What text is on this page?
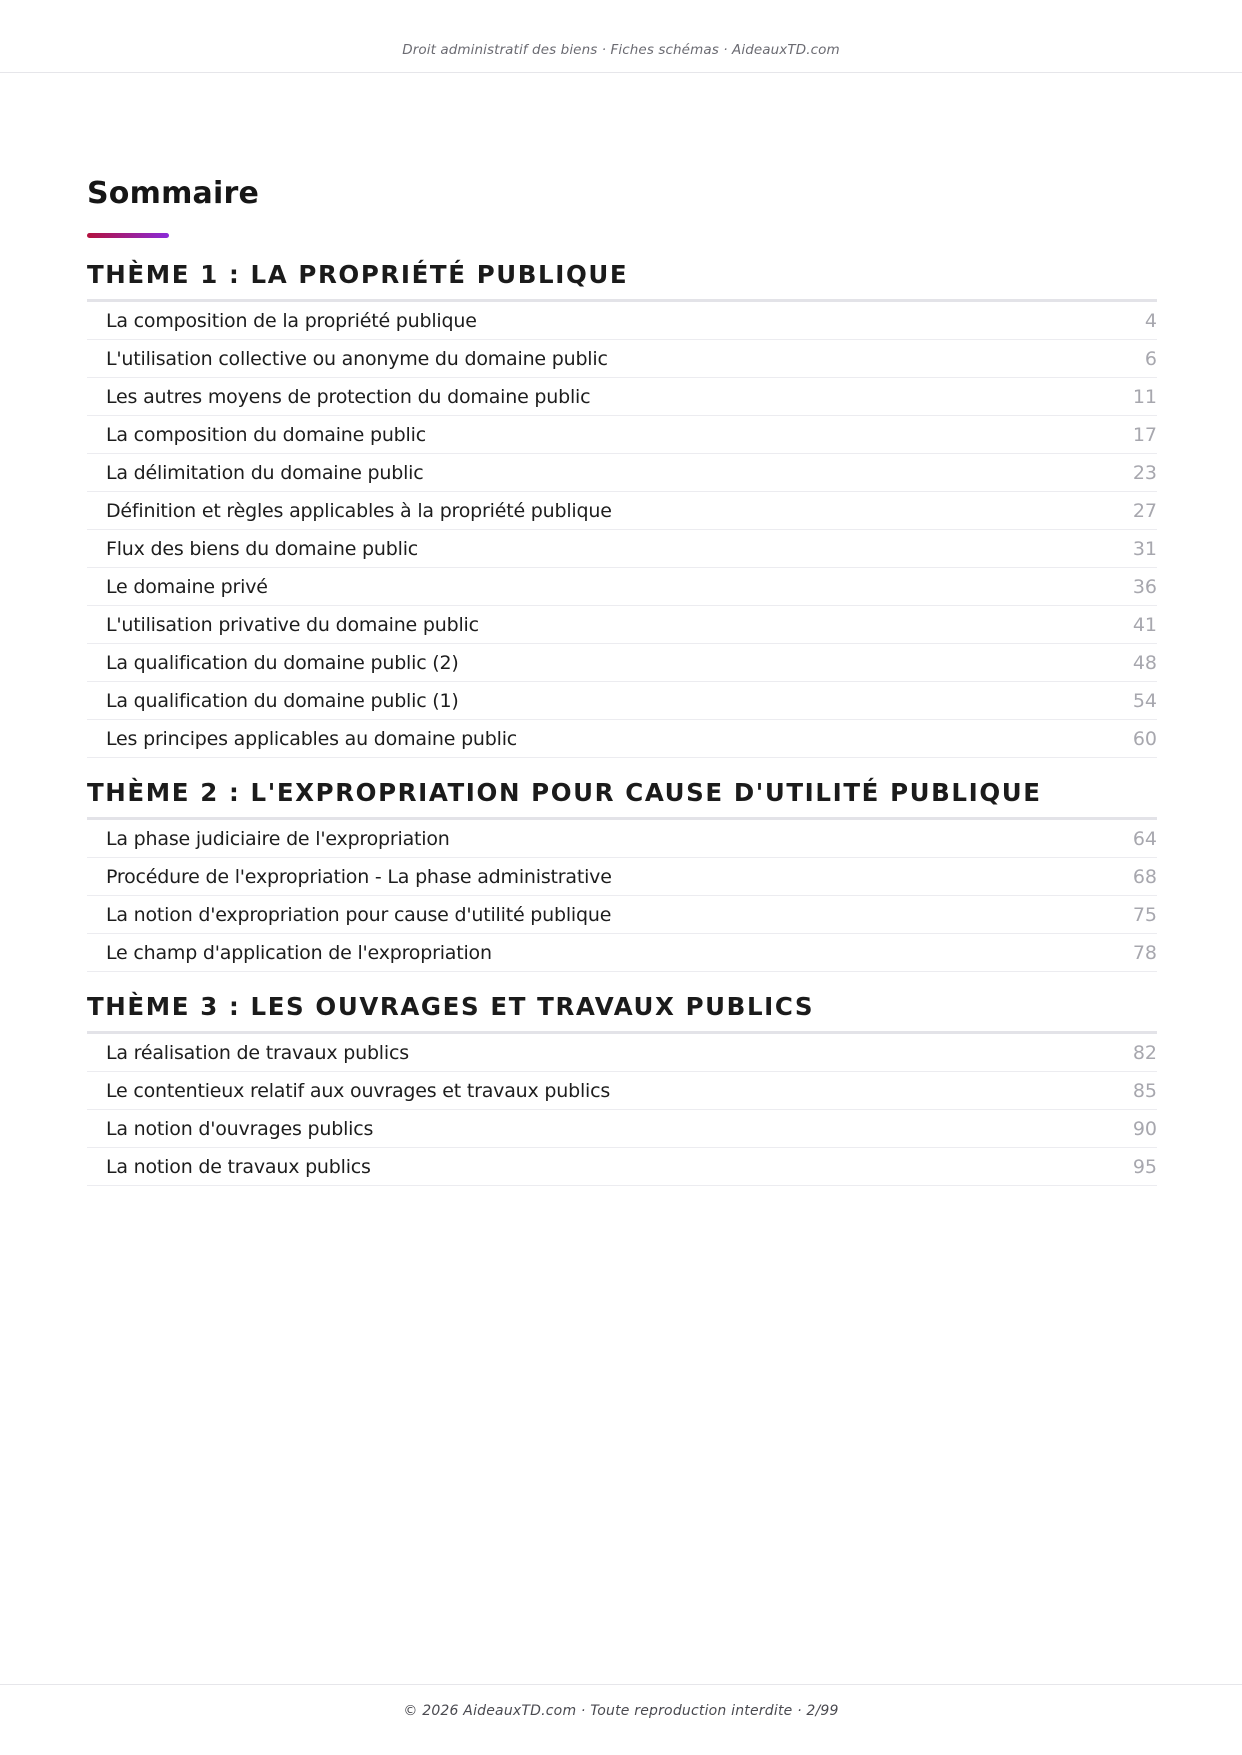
Droit administratif des biens · Fiches schémas · AideauxTD.com
Sommaire
THÈME 1 : LA PROPRIÉTÉ PUBLIQUE
La composition de la propriété publique	4
L'utilisation collective ou anonyme du domaine public	6
Les autres moyens de protection du domaine public	11
La composition du domaine public	17
La délimitation du domaine public	23
Définition et règles applicables à la propriété publique	27
Flux des biens du domaine public	31
Le domaine privé	36
L'utilisation privative du domaine public	41
La qualification du domaine public (2)	48
La qualification du domaine public (1)	54
Les principes applicables au domaine public	60
THÈME 2 : L'EXPROPRIATION POUR CAUSE D'UTILITÉ PUBLIQUE
La phase judiciaire de l'expropriation	64
Procédure de l'expropriation - La phase administrative	68
La notion d'expropriation pour cause d'utilité publique	75
Le champ d'application de l'expropriation	78
THÈME 3 : LES OUVRAGES ET TRAVAUX PUBLICS
La réalisation de travaux publics	82
Le contentieux relatif aux ouvrages et travaux publics	85
La notion d'ouvrages publics	90
La notion de travaux publics	95
© 2026 AideauxTD.com · Toute reproduction interdite · 2/99
